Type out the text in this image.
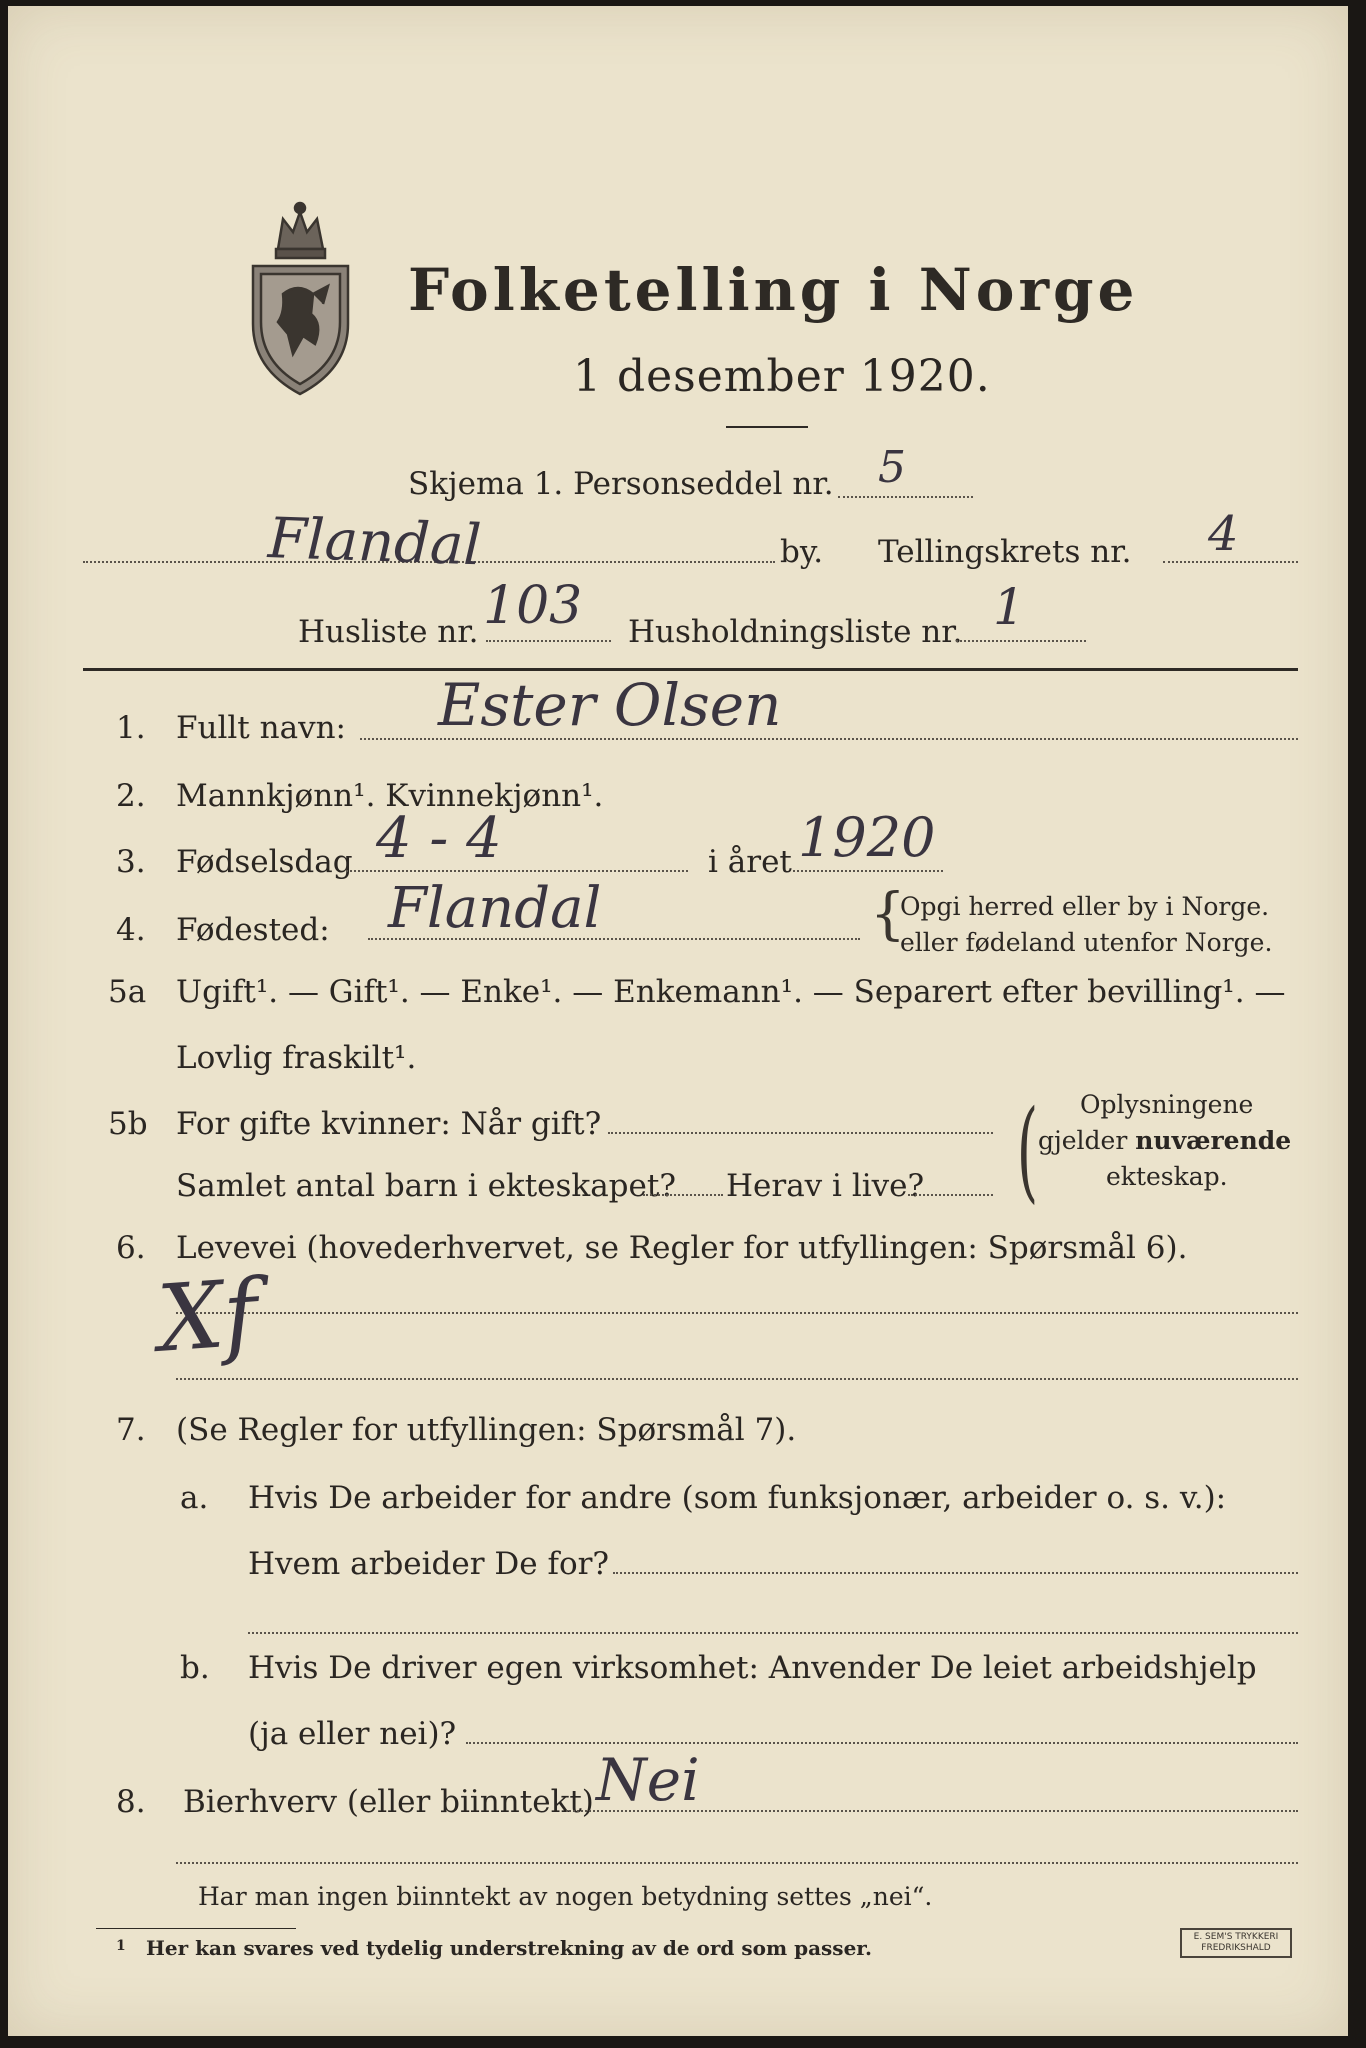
Folketelling i Norge
1 desember 1920.
Skjema 1. Personseddel nr. 5
Flandal	by. Tellingskrets nr. 4
Husliste nr. 103 Husholdningsliste nr. 1
1. Fullt navn: Ester Olsen
2. Mannkjønn¹. Kvinnekjønn¹.
3. Fødselsdag 4 - 4	i året 1920
4. Fødested: Flandal	{
Opgi herred eller by i Norge.
eller fødeland utenfor Norge.
5a Ugift¹. — Gift¹. — Enke¹. — Enkemann¹. — Separert efter bevilling¹. —
Lovlig fraskilt¹.
5b For gifte kvinner: Når gift?
Samlet antal barn i ekteskapet? Herav i live? ( Oplysningene
gjelder nuværende
ekteskap.
6. Levevei (hovederhvervet, se Regler for utfyllingen: Spørsmål 6).
Xf
7. (Se Regler for utfyllingen: Spørsmål 7).
a. Hvis De arbeider for andre (som funksjonær, arbeider o. s. v.):
Hvem arbeider De for?
b. Hvis De driver egen virksomhet: Anvender De leiet arbeidshjelp
(ja eller nei)?
8. Bierhverv (eller biinntekt) Nei
Har man ingen biinntekt av nogen betydning settes „nei“.
1 Her kan svares ved tydelig understrekning av de ord som passer.	E. SEM'S TRYKKERI
FREDRIKSHALD
